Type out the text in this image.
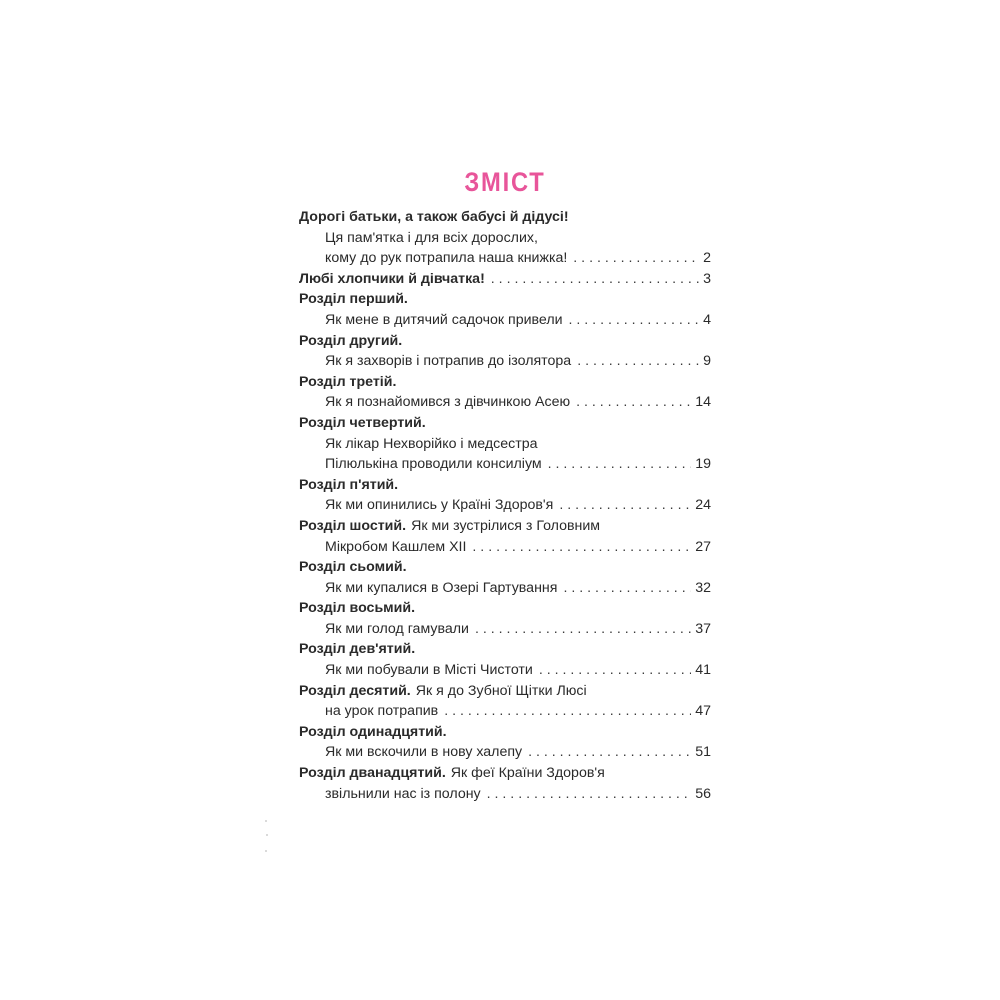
ЗМІСТ
Дорогі батьки, а також бабусі й дідусі!
Ця пам'ятка і для всіх дорослих,
кому до рук потрапила наша книжка! . . .	2
Любі хлопчики й дівчатка! . . .	3
Розділ перший.
Як мене в дитячий садочок привели . . .	4
Розділ другий.
Як я захворів і потрапив до ізолятора . . .	9
Розділ третій.
Як я познайомився з дівчинкою Асею . . .	14
Розділ четвертий.
Як лікар Нехворійко і медсестра
Пілюлькіна проводили консиліум . . .	19
Розділ п'ятий.
Як ми опинились у Країні Здоров'я . . .	24
Розділ шостий. Як ми зустрілися з Головним
Мікробом Кашлем XII . . .	27
Розділ сьомий.
Як ми купалися в Озері Гартування . . .	32
Розділ восьмий.
Як ми голод гамували . . .	37
Розділ дев'ятий.
Як ми побували в Місті Чистоти . . .	41
Розділ десятий. Як я до Зубної Щітки Люсі
на урок потрапив . . .	47
Розділ одинадцятий.
Як ми вскочили в нову халепу . . .	51
Розділ дванадцятий. Як феї Країни Здоров'я
звільнили нас із полону . . .	56
